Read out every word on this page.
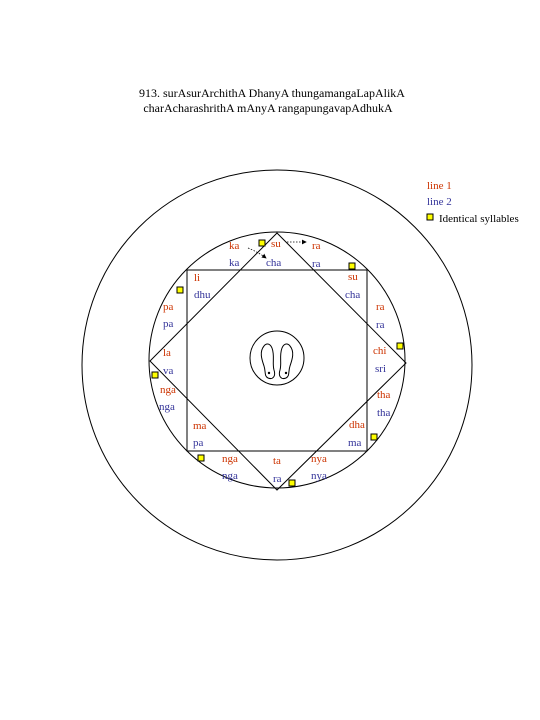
913. surAsurArchithA DhanyA thungamangaLapAlikA
charAcharashrithA mAnyA rangapungavapAdhukA
su	ra
su
ra
chi
tha
dha
nya
ta
nga
ma
nga
la
pa
li
ka
cha	ra
cha
ra
sri
tha
ma
nya
ra
nga
pa
nga
va
pa
dhu
ka
line 1
line 2
Identical syllables
